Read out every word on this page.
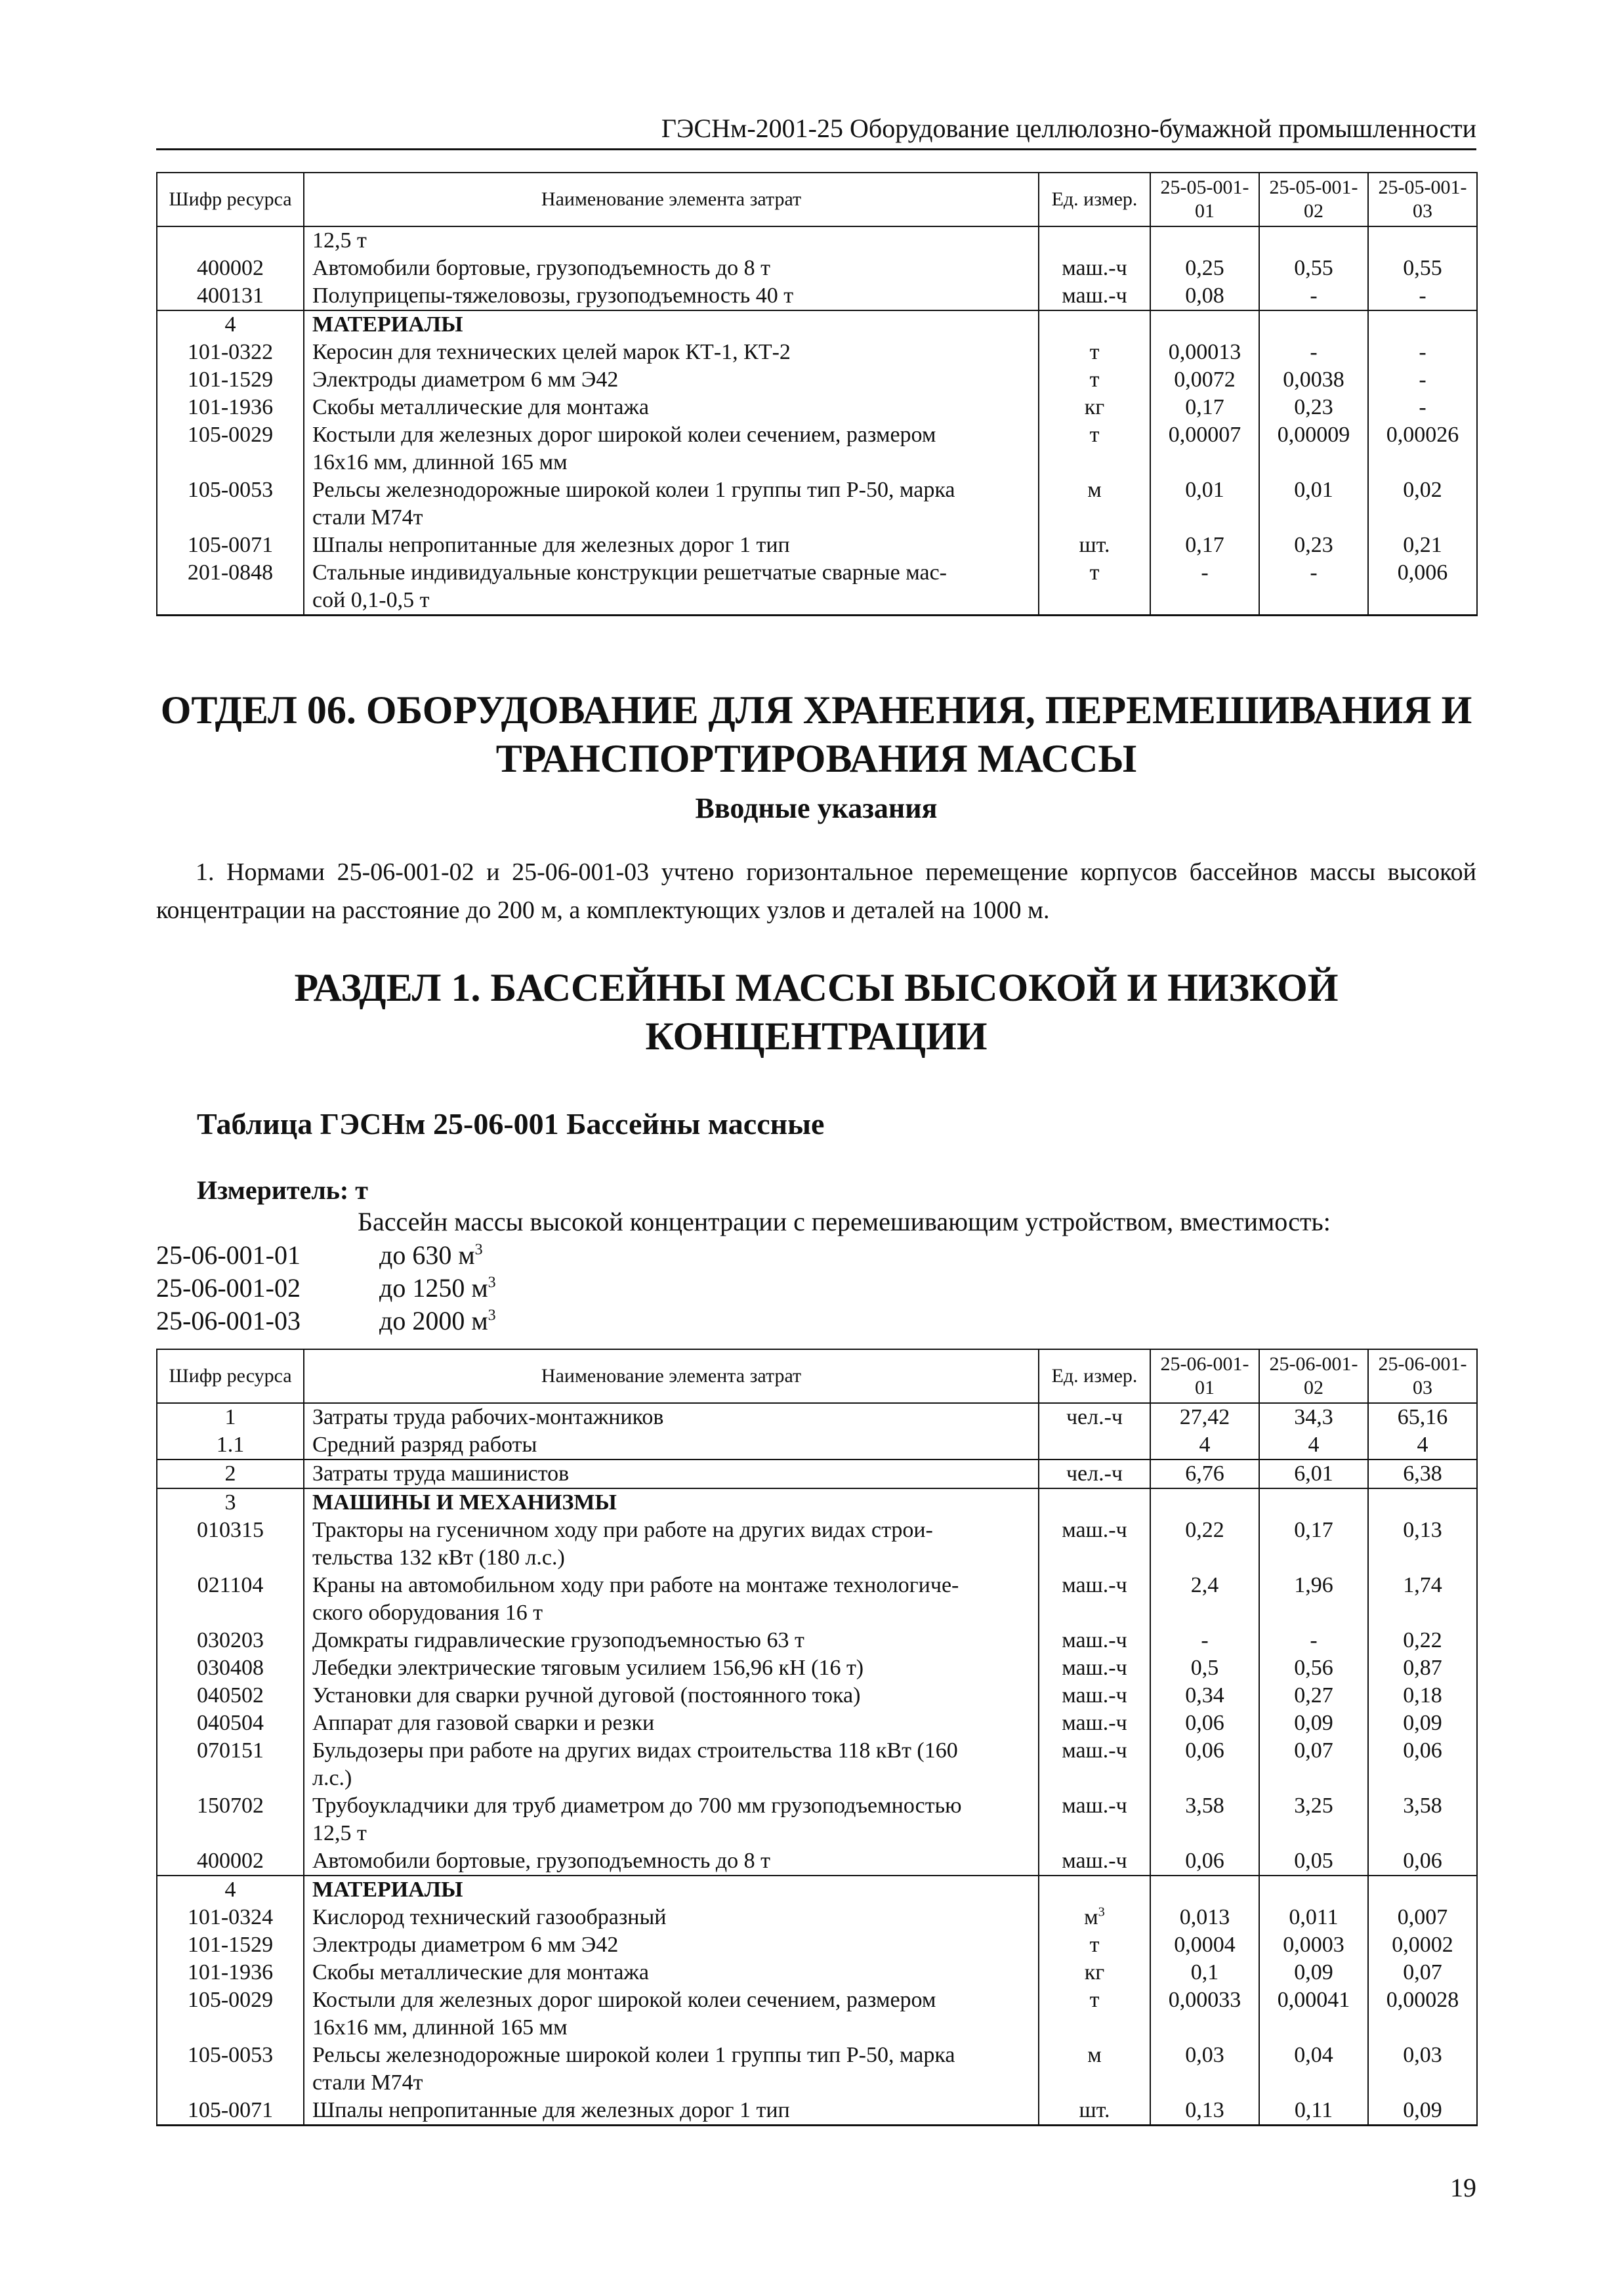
ГЭСНм-2001-25 Оборудование целлюлозно-бумажной промышленности
Шифр ресурса	Наименование элемента затрат	Ед. измер.	25-05-001-01	25-05-001-02	25-05-001-03
	12,5 т				
400002	Автомобили бортовые, грузоподъемность до 8 т	маш.-ч	0,25	0,55	0,55
400131	Полуприцепы-тяжеловозы, грузоподъемность 40 т	маш.-ч	0,08	-	-
4	МАТЕРИАЛЫ				
101-0322	Керосин для технических целей марок КТ-1, КТ-2	т	0,00013	-	-
101-1529	Электроды диаметром 6 мм Э42	т	0,0072	0,0038	-
101-1936	Скобы металлические для монтажа	кг	0,17	0,23	-
105-0029	Костыли для железных дорог широкой колеи сечением, размером	т	0,00007	0,00009	0,00026
	16x16 мм, длинной 165 мм				
105-0053	Рельсы железнодорожные широкой колеи 1 группы тип Р-50, марка	м	0,01	0,01	0,02
	стали М74т				
105-0071	Шпалы непропитанные для железных дорог 1 тип	шт.	0,17	0,23	0,21
201-0848	Стальные индивидуальные конструкции решетчатые сварные мас-	т	-	-	0,006
	сой 0,1-0,5 т				
ОТДЕЛ 06. ОБОРУДОВАНИЕ ДЛЯ ХРАНЕНИЯ, ПЕРЕМЕШИВАНИЯ И
ТРАНСПОРТИРОВАНИЯ МАССЫ
Вводные указания
1. Нормами 25-06-001-02 и 25-06-001-03 учтено горизонтальное перемещение корпусов бассейнов массы высокой концентрации на расстояние до 200 м, а комплектующих узлов и деталей на 1000 м.
РАЗДЕЛ 1. БАССЕЙНЫ МАССЫ ВЫСОКОЙ И НИЗКОЙ
КОНЦЕНТРАЦИИ
Таблица ГЭСНм 25-06-001 Бассейны массные
Измеритель: т
Бассейн массы высокой концентрации с перемешивающим устройством, вместимость:
25-06-001-01	до 630 $м^3$
25-06-001-02	до 1250 $м^3$
25-06-001-03	до 2000 $м^3$
Шифр ресурса	Наименование элемента затрат	Ед. измер.	25-06-001-01	25-06-001-02	25-06-001-03
1	Затраты труда рабочих-монтажников	чел.-ч	27,42	34,3	65,16
1.1	Средний разряд работы		4	4	4
2	Затраты труда машинистов	чел.-ч	6,76	6,01	6,38
3	МАШИНЫ И МЕХАНИЗМЫ				
010315	Тракторы на гусеничном ходу при работе на других видах строи-	маш.-ч	0,22	0,17	0,13
	тельства 132 кВт (180 л.с.)				
021104	Краны на автомобильном ходу при работе на монтаже технологиче-	маш.-ч	2,4	1,96	1,74
	ского оборудования 16 т				
030203	Домкраты гидравлические грузоподъемностью 63 т	маш.-ч	-	-	0,22
030408	Лебедки электрические тяговым усилием 156,96 кН (16 т)	маш.-ч	0,5	0,56	0,87
040502	Установки для сварки ручной дуговой (постоянного тока)	маш.-ч	0,34	0,27	0,18
040504	Аппарат для газовой сварки и резки	маш.-ч	0,06	0,09	0,09
070151	Бульдозеры при работе на других видах строительства 118 кВт (160	маш.-ч	0,06	0,07	0,06
	л.с.)				
150702	Трубоукладчики для труб диаметром до 700 мм грузоподъемностью	маш.-ч	3,58	3,25	3,58
	12,5 т				
400002	Автомобили бортовые, грузоподъемность до 8 т	маш.-ч	0,06	0,05	0,06
4	МАТЕРИАЛЫ				
101-0324	Кислород технический газообразный	$м^3$	0,013	0,011	0,007
101-1529	Электроды диаметром 6 мм Э42	т	0,0004	0,0003	0,0002
101-1936	Скобы металлические для монтажа	кг	0,1	0,09	0,07
105-0029	Костыли для железных дорог широкой колеи сечением, размером	т	0,00033	0,00041	0,00028
	16x16 мм, длинной 165 мм				
105-0053	Рельсы железнодорожные широкой колеи 1 группы тип Р-50, марка	м	0,03	0,04	0,03
	стали М74т				
105-0071	Шпалы непропитанные для железных дорог 1 тип	шт.	0,13	0,11	0,09
19
